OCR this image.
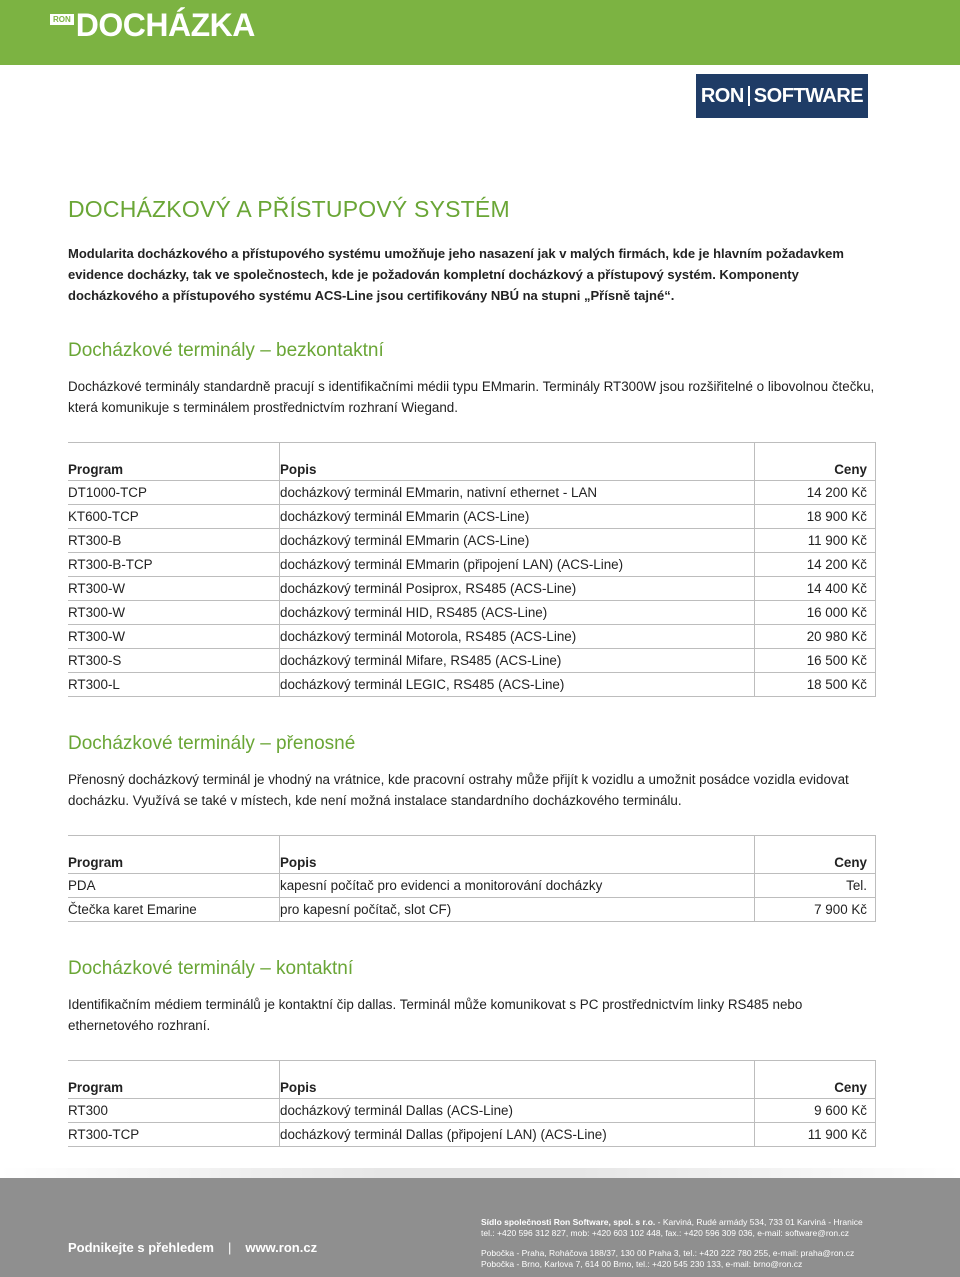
RON DOCHÁZKA
RON SOFTWARE
DOCHÁZKOVÝ A PŘÍSTUPOVÝ SYSTÉM

Modularita docházkového a přístupového systému umožňuje jeho nasazení jak v malých firmách, kde je hlavním požadavkem evidence docházky, tak ve společnostech, kde je požadován kompletní docházkový a přístupový systém. Komponenty docházkového a přístupového systému ACS-Line jsou certifikovány NBÚ na stupni „Přísně tajné“.

Docházkové terminály – bezkontaktní

Docházkové terminály standardně pracují s identifikačními médii typu EMmarin. Terminály RT300W jsou rozšiřitelné o libovolnou čtečku, která komunikuje s terminálem prostřednictvím rozhraní Wiegand.

Program	Popis	Ceny
DT1000-TCP	docházkový terminál EMmarin, nativní ethernet - LAN	14 200 Kč
KT600-TCP	docházkový terminál EMmarin (ACS-Line)	18 900 Kč
RT300-B	docházkový terminál EMmarin (ACS-Line)	11 900 Kč
RT300-B-TCP	docházkový terminál EMmarin (připojení LAN) (ACS-Line)	14 200 Kč
RT300-W	docházkový terminál Posiprox, RS485 (ACS-Line)	14 400 Kč
RT300-W	docházkový terminál HID, RS485 (ACS-Line)	16 000 Kč
RT300-W	docházkový terminál Motorola, RS485 (ACS-Line)	20 980 Kč
RT300-S	docházkový terminál Mifare, RS485 (ACS-Line)	16 500 Kč
RT300-L	docházkový terminál LEGIC, RS485 (ACS-Line)	18 500 Kč
Docházkové terminály – přenosné

Přenosný docházkový terminál je vhodný na vrátnice, kde pracovní ostrahy může přijít k vozidlu a umožnit posádce vozidla evidovat docházku. Využívá se také v místech, kde není možná instalace standardního docházkového terminálu.

Program	Popis	Ceny
PDA	kapesní počítač pro evidenci a monitorování docházky	Tel.
Čtečka karet Emarine	pro kapesní počítač, slot CF)	7 900 Kč
Docházkové terminály – kontaktní

Identifikačním médiem terminálů je kontaktní čip dallas. Terminál může komunikovat s PC prostřednictvím linky RS485 nebo ethernetového rozhraní.

Program	Popis	Ceny
RT300	docházkový terminál Dallas (ACS-Line)	9 600 Kč
RT300-TCP	docházkový terminál Dallas (připojení LAN) (ACS-Line)	11 900 Kč
Podnikejte s přehledem | www.ron.cz
Sídlo společnosti Ron Software, spol. s r.o. - Karviná, Rudé armády 534, 733 01 Karviná - Hranice
tel.: +420 596 312 827, mob: +420 603 102 448, fax.: +420 596 309 036, e-mail: software@ron.cz
Pobočka - Praha, Roháčova 188/37, 130 00 Praha 3, tel.: +420 222 780 255, e-mail: praha@ron.cz
Pobočka - Brno, Karlova 7, 614 00 Brno, tel.: +420 545 230 133, e-mail: brno@ron.cz
